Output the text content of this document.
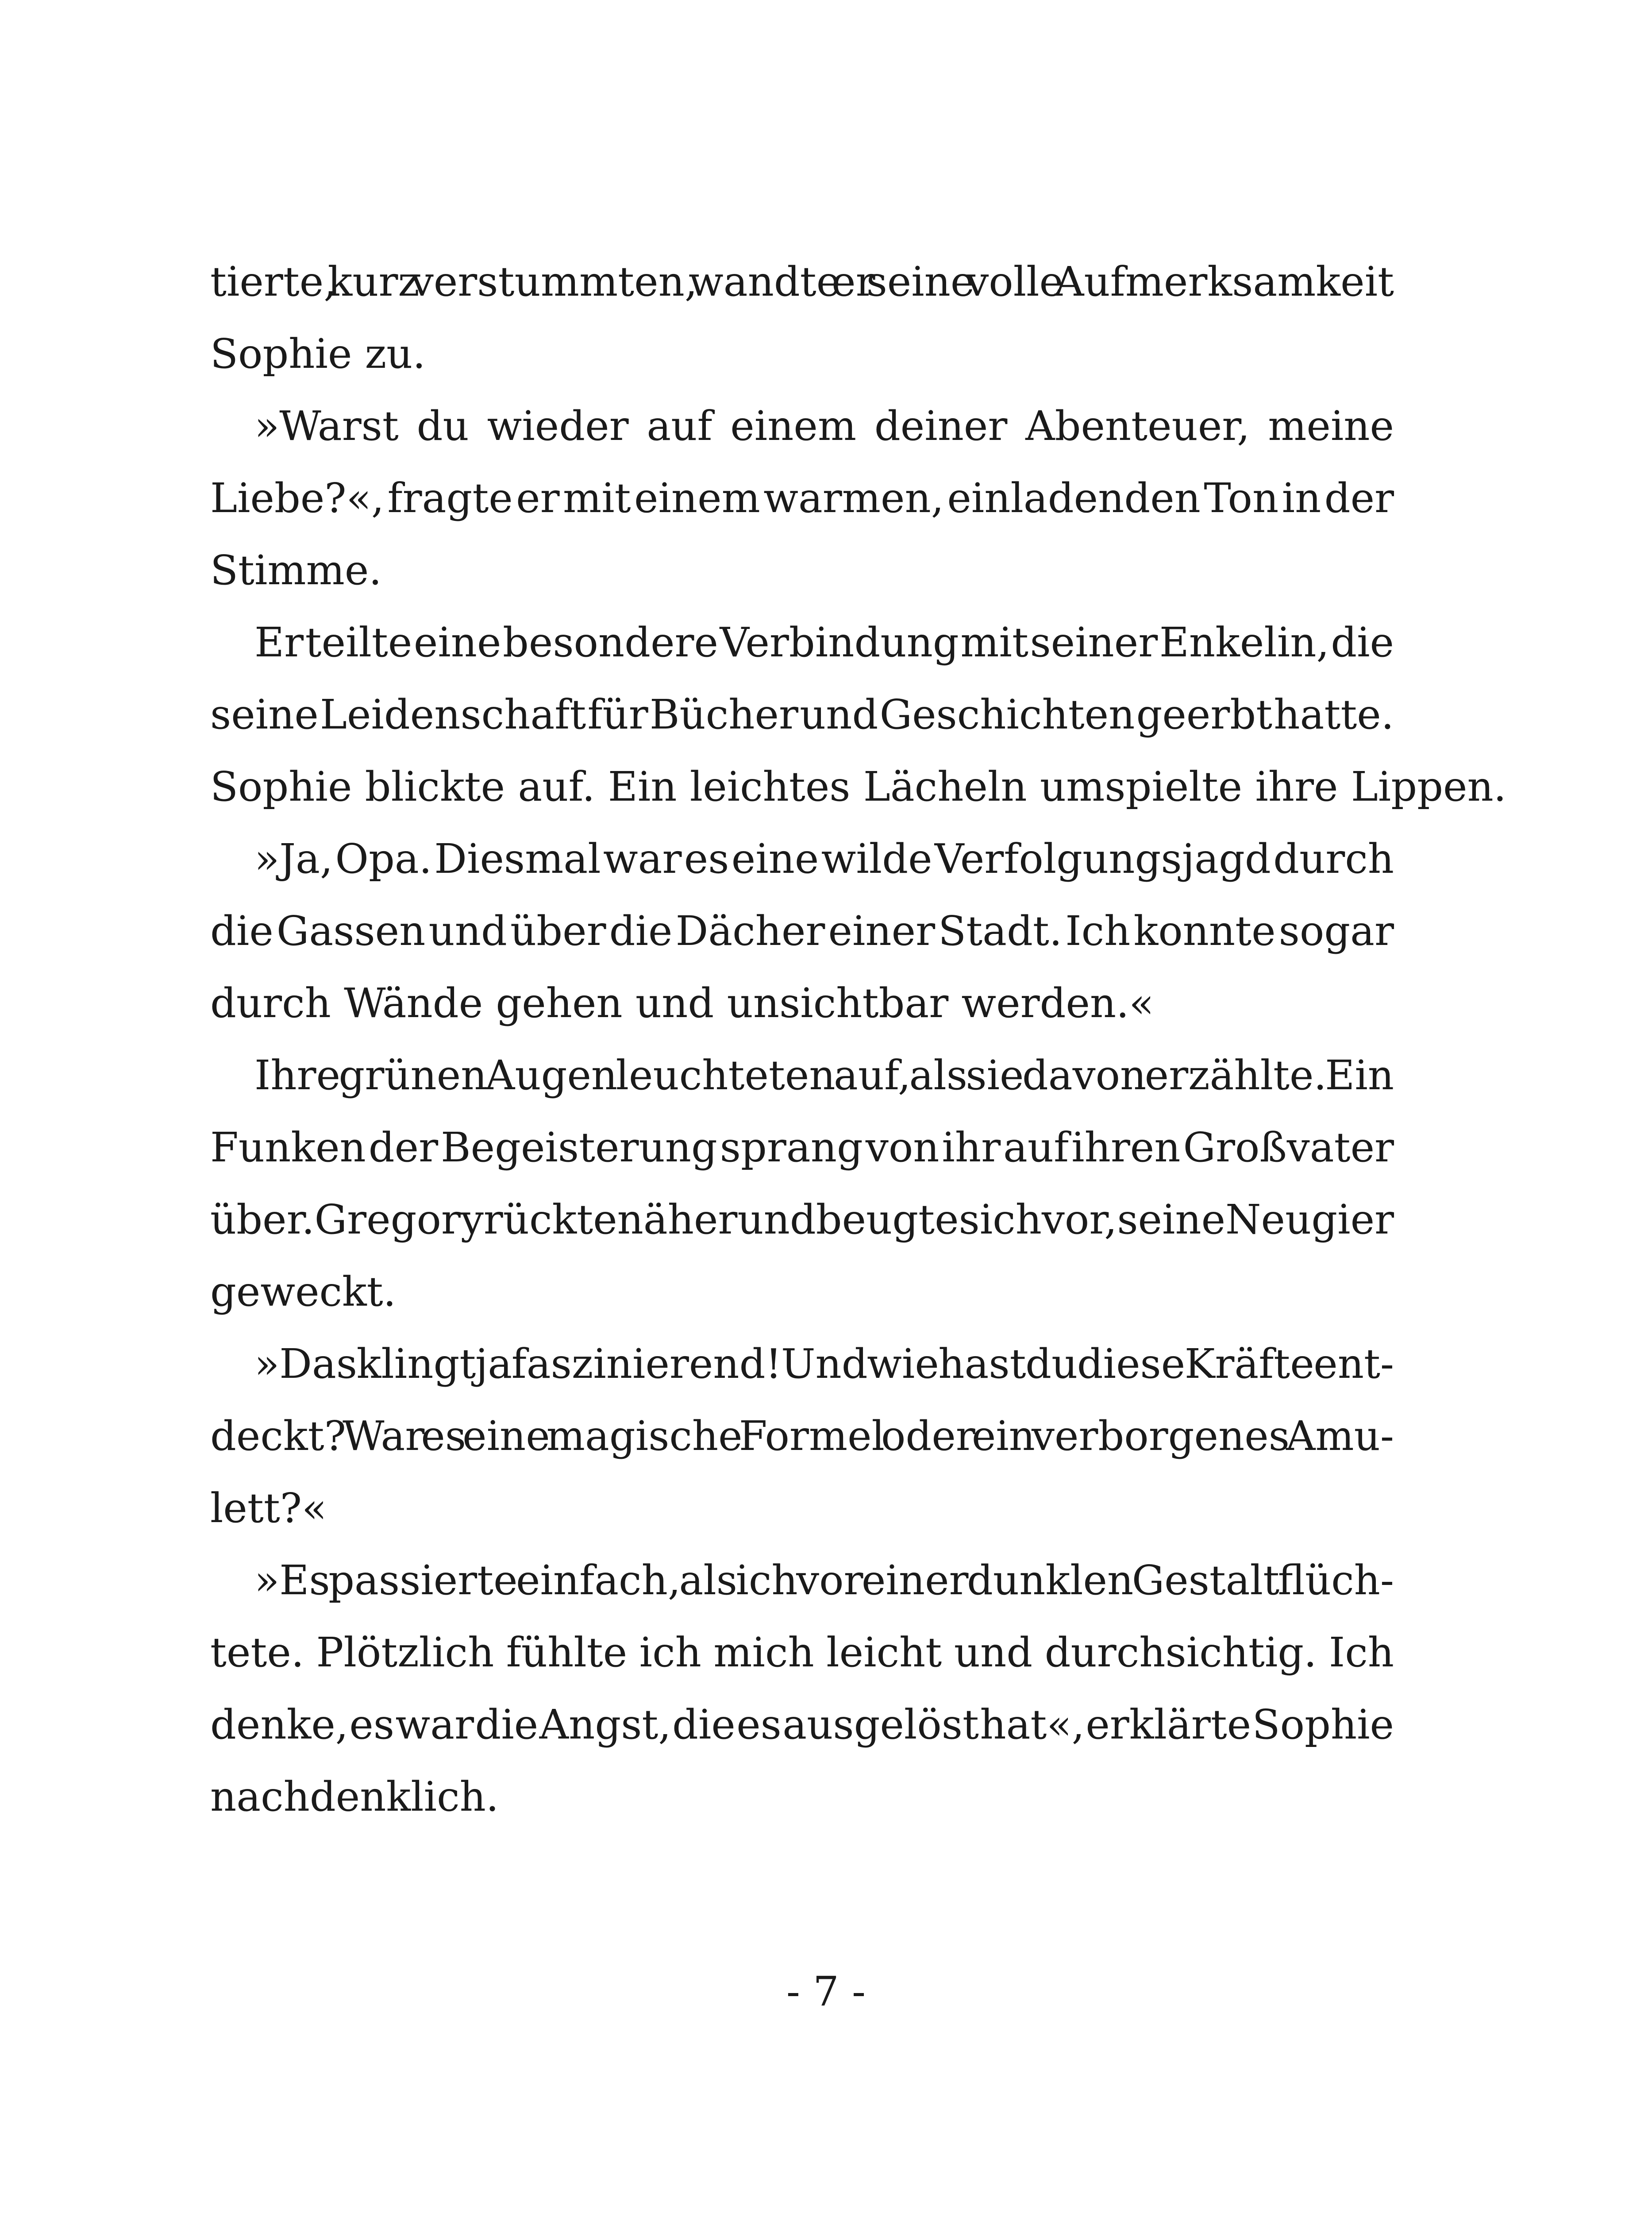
tierte, kurz verstummten, wandte er seine volle Aufmerksamkeit
Sophie zu.
»Warst du wieder auf einem deiner Abenteuer, meine
Liebe?«, fragte er mit einem warmen, einladenden Ton in der
Stimme.
Er teilte eine besondere Verbindung mit seiner Enkelin, die
seine Leidenschaft für Bücher und Geschichten geerbt hatte.
Sophie blickte auf. Ein leichtes Lächeln umspielte ihre Lippen.
»Ja, Opa. Diesmal war es eine wilde Verfolgungsjagd durch
die Gassen und über die Dächer einer Stadt. Ich konnte sogar
durch Wände gehen und unsichtbar werden.«
Ihre grünen Augen leuchteten auf, als sie davon erzählte. Ein
Funken der Begeisterung sprang von ihr auf ihren Großvater
über. Gregory rückte näher und beugte sich vor, seine Neugier
geweckt.
»Das klingt ja faszinierend! Und wie hast du diese Kräfte ent-
deckt? War es eine magische Formel oder ein verborgenes Amu-
lett?«
»Es passierte einfach, als ich vor einer dunklen Gestalt flüch-
tete. Plötzlich fühlte ich mich leicht und durchsichtig. Ich
denke, es war die Angst, die es ausgelöst hat«, erklärte Sophie
nachdenklich.
- 7 -
